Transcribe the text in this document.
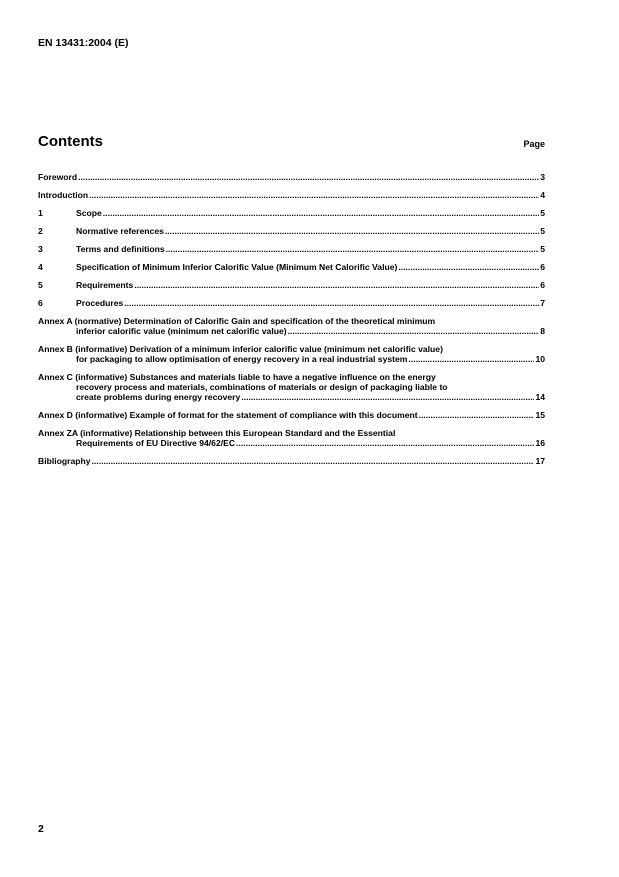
EN 13431:2004 (E)
Contents	Page
Foreword .....	3
Introduction .....	4
1	Scope .....	5
2	Normative references .....	5
3	Terms and definitions .....	5
4	Specification of Minimum Inferior Calorific Value (Minimum Net Calorific Value) .....	6
5	Requirements .....	6
6	Procedures .....	7
Annex A (normative) Determination of Calorific Gain and specification of the theoretical minimum
inferior calorific value (minimum net calorific value) .....	8
Annex B (informative) Derivation of a minimum inferior calorific value (minimum net calorific value)
for packaging to allow optimisation of energy recovery in a real industrial system .....	10
Annex C (informative) Substances and materials liable to have a negative influence on the energy
recovery process and materials, combinations of materials or design of packaging liable to
create problems during energy recovery .....	14
Annex D (informative) Example of format for the statement of compliance with this document .....	15
Annex ZA (informative) Relationship between this European Standard and the Essential
Requirements of EU Directive 94/62/EC .....	16
Bibliography .....	17
2
